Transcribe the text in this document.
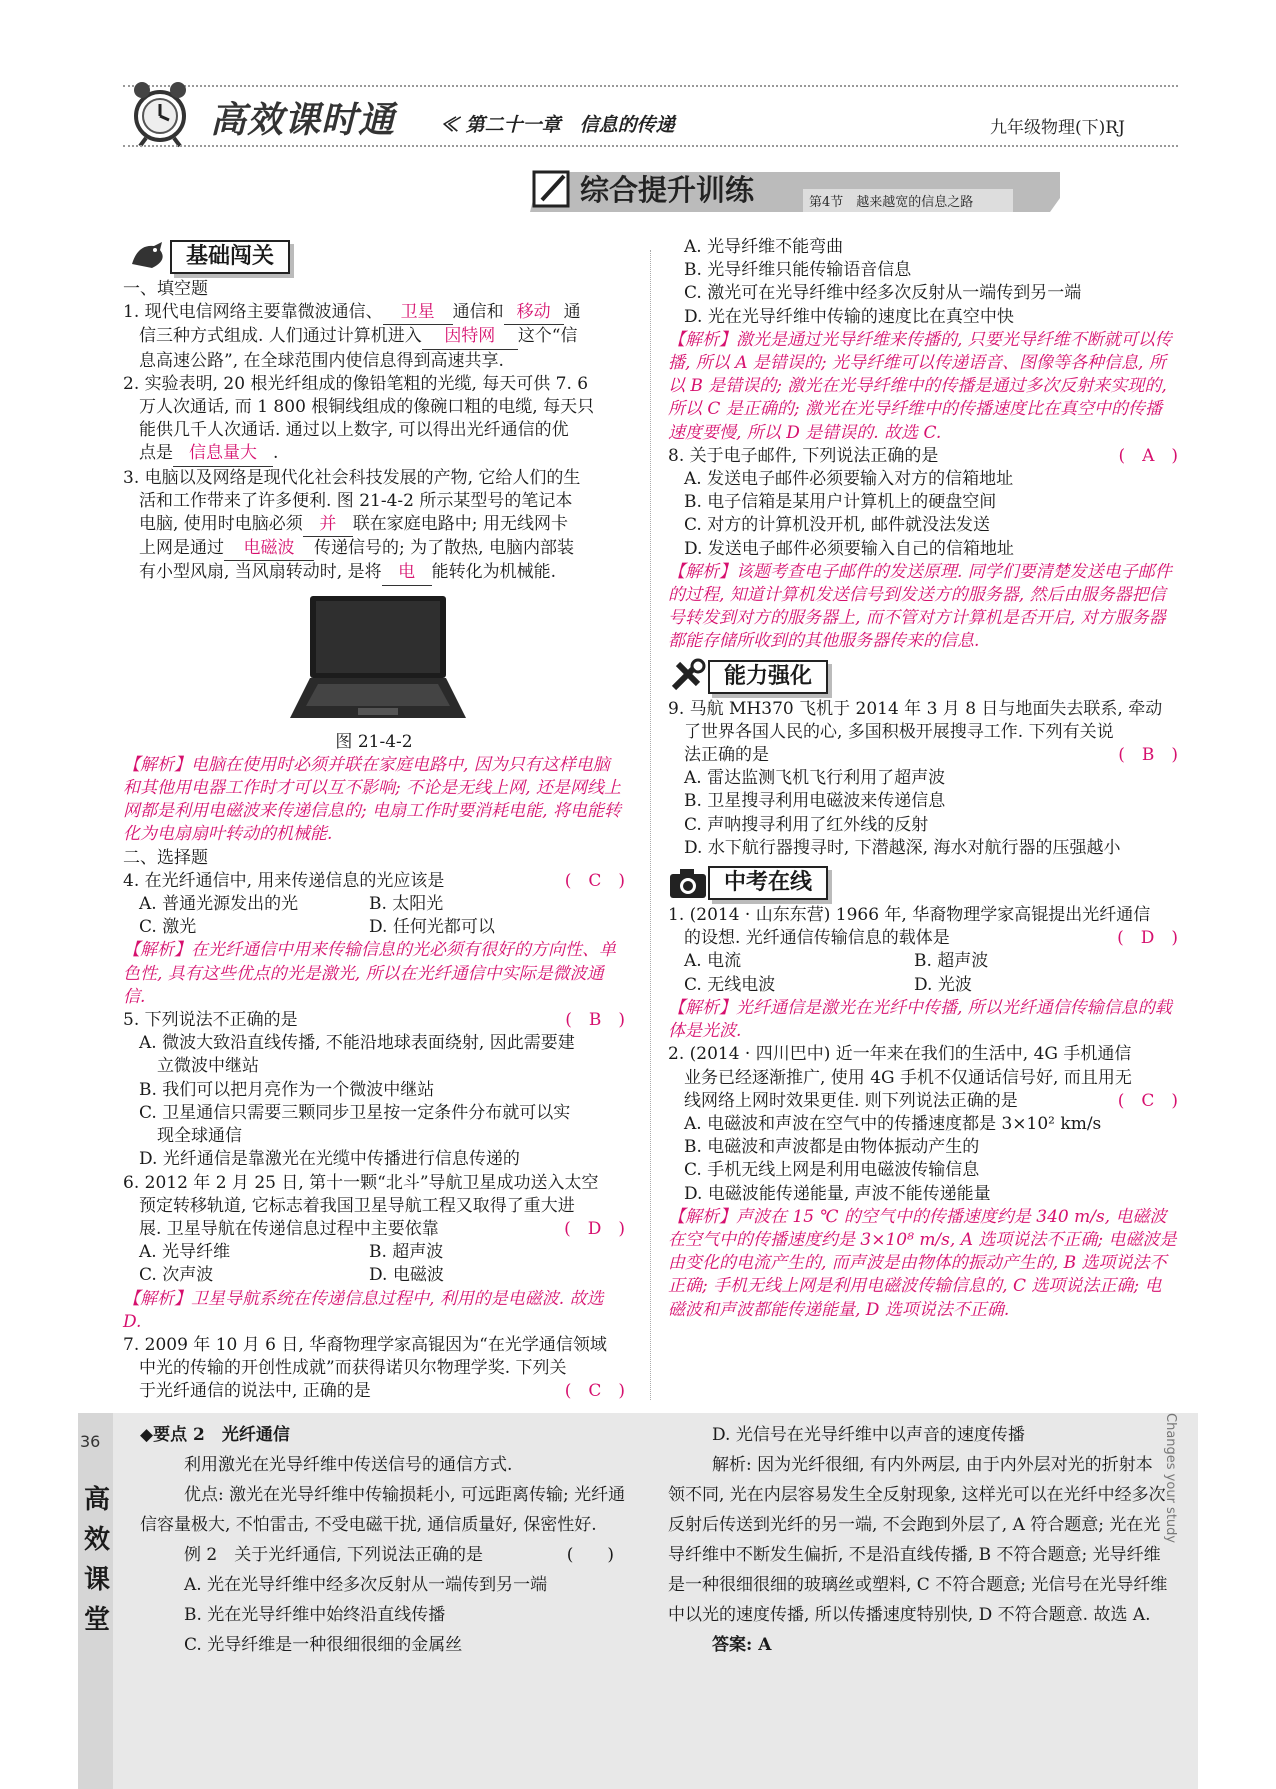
高效课时通 ≪ 第二十一章　信息的传递	九年级物理(下)RJ
综合提升训练	第4节　越来越宽的信息之路
基础闯关

一、填空题

1. 现代电信网络主要靠微波通信、 卫星 通信和 移动 通

信三种方式组成. 人们通过计算机进入 因特网 这个“信

息高速公路”, 在全球范围内使信息得到高速共享.

2. 实验表明, 20 根光纤组成的像铅笔粗的光缆, 每天可供 7. 6

万人次通话, 而 1 800 根铜线组成的像碗口粗的电缆, 每天只

能供几千人次通话. 通过以上数字, 可以得出光纤通信的优

点是 信息量大 .

3. 电脑以及网络是现代化社会科技发展的产物, 它给人们的生

活和工作带来了许多便利. 图 21-4-2 所示某型号的笔记本

电脑, 使用时电脑必须 并 联在家庭电路中; 用无线网卡

上网是通过 电磁波 传递信号的; 为了散热, 电脑内部装

有小型风扇, 当风扇转动时, 是将 电 能转化为机械能.

图 21-4-2

【解析】电脑在使用时必须并联在家庭电路中, 因为只有这样电脑和其他用电器工作时才可以互不影响; 不论是无线上网, 还是网线上网都是利用电磁波来传递信息的; 电扇工作时要消耗电能, 将电能转化为电扇扇叶转动的机械能.

二、选择题

4. 在光纤通信中, 用来传递信息的光应该是	(　C　)

A. 普通光源发出的光	B. 太阳光

C. 激光	D. 任何光都可以

【解析】在光纤通信中用来传输信息的光必须有很好的方向性、单色性, 具有这些优点的光是激光, 所以在光纤通信中实际是微波通信.

5. 下列说法不正确的是	(　B　)

A. 微波大致沿直线传播, 不能沿地球表面绕射, 因此需要建

立微波中继站

B. 我们可以把月亮作为一个微波中继站

C. 卫星通信只需要三颗同步卫星按一定条件分布就可以实

现全球通信

D. 光纤通信是靠激光在光缆中传播进行信息传递的

6. 2012 年 2 月 25 日, 第十一颗“北斗”导航卫星成功送入太空

预定转移轨道, 它标志着我国卫星导航工程又取得了重大进

展. 卫星导航在传递信息过程中主要依靠	(　D　)

A. 光导纤维	B. 超声波

C. 次声波	D. 电磁波

【解析】卫星导航系统在传递信息过程中, 利用的是电磁波. 故选 D.

7. 2009 年 10 月 6 日, 华裔物理学家高锟因为“在光学通信领域

中光的传输的开创性成就”而获得诺贝尔物理学奖. 下列关

于光纤通信的说法中, 正确的是	(　C　)

A. 光导纤维不能弯曲

B. 光导纤维只能传输语音信息

C. 激光可在光导纤维中经多次反射从一端传到另一端

D. 光在光导纤维中传输的速度比在真空中快

【解析】激光是通过光导纤维来传播的, 只要光导纤维不断就可以传播, 所以 A 是错误的; 光导纤维可以传递语音、图像等各种信息, 所以 B 是错误的; 激光在光导纤维中的传播是通过多次反射来实现的, 所以 C 是正确的; 激光在光导纤维中的传播速度比在真空中的传播速度要慢, 所以 D 是错误的. 故选 C.

8. 关于电子邮件, 下列说法正确的是	(　A　)

A. 发送电子邮件必须要输入对方的信箱地址

B. 电子信箱是某用户计算机上的硬盘空间

C. 对方的计算机没开机, 邮件就没法发送

D. 发送电子邮件必须要输入自己的信箱地址

【解析】该题考查电子邮件的发送原理. 同学们要清楚发送电子邮件的过程, 知道计算机发送信号到发送方的服务器, 然后由服务器把信号转发到对方的服务器上, 而不管对方计算机是否开启, 对方服务器都能存储所收到的其他服务器传来的信息.

能力强化

9. 马航 MH370 飞机于 2014 年 3 月 8 日与地面失去联系, 牵动

了世界各国人民的心, 多国积极开展搜寻工作. 下列有关说

法正确的是	(　B　)

A. 雷达监测飞机飞行利用了超声波

B. 卫星搜寻利用电磁波来传递信息

C. 声呐搜寻利用了红外线的反射

D. 水下航行器搜寻时, 下潜越深, 海水对航行器的压强越小

中考在线

1. (2014 · 山东东营) 1966 年, 华裔物理学家高锟提出光纤通信

的设想. 光纤通信传输信息的载体是	(　D　)

A. 电流	B. 超声波

C. 无线电波	D. 光波

【解析】光纤通信是激光在光纤中传播, 所以光纤通信传输信息的载体是光波.

2. (2014 · 四川巴中) 近一年来在我们的生活中, 4G 手机通信

业务已经逐渐推广, 使用 4G 手机不仅通话信号好, 而且用无

线网络上网时效果更佳. 则下列说法正确的是	(　C　)

A. 电磁波和声波在空气中的传播速度都是 3×10² km/s

B. 电磁波和声波都是由物体振动产生的

C. 手机无线上网是利用电磁波传输信息

D. 电磁波能传递能量, 声波不能传递能量

【解析】声波在 15 ℃ 的空气中的传播速度约是 340 m/s, 电磁波在空气中的传播速度约是 3×10⁸ m/s, A 选项说法不正确; 电磁波是由变化的电流产生的, 而声波是由物体的振动产生的, B 选项说法不正确; 手机无线上网是利用电磁波传输信息的, C 选项说法正确; 电磁波和声波都能传递能量, D 选项说法不正确.

36
高效课堂
Changes your study

◆要点 2　光纤通信

利用激光在光导纤维中传送信号的通信方式.

优点: 激光在光导纤维中传输损耗小, 可远距离传输; 光纤通信容量极大, 不怕雷击, 不受电磁干扰, 通信质量好, 保密性好.

例 2　关于光纤通信, 下列说法正确的是	(　　)

A. 光在光导纤维中经多次反射从一端传到另一端

B. 光在光导纤维中始终沿直线传播

C. 光导纤维是一种很细很细的金属丝

D. 光信号在光导纤维中以声音的速度传播

解析: 因为光纤很细, 有内外两层, 由于内外层对光的折射本领不同, 光在内层容易发生全反射现象, 这样光可以在光纤中经多次反射后传送到光纤的另一端, 不会跑到外层了, A 符合题意; 光在光导纤维中不断发生偏折, 不是沿直线传播, B 不符合题意; 光导纤维是一种很细很细的玻璃丝或塑料, C 不符合题意; 光信号在光导纤维中以光的速度传播, 所以传播速度特别快, D 不符合题意. 故选 A.

答案: A
